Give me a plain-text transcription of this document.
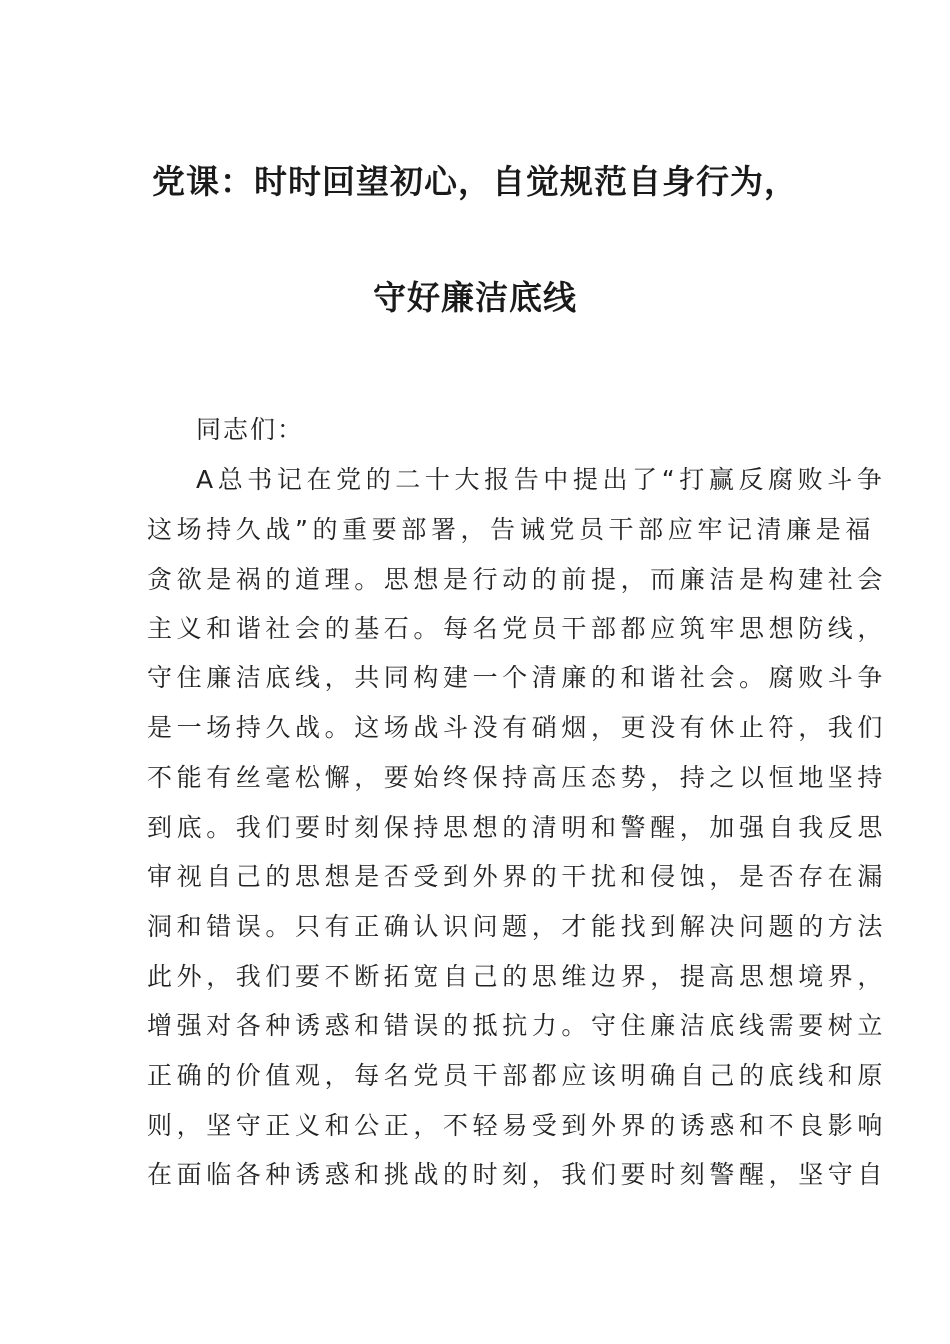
党课：时时回望初心，自觉规范自身行为，
守好廉洁底线
同志们：
A总书记在党的二十大报告中提出了“打赢反腐败斗争
这场持久战”的重要部署，告诫党员干部应牢记清廉是福
贪欲是祸的道理。思想是行动的前提，而廉洁是构建社会
主义和谐社会的基石。每名党员干部都应筑牢思想防线，
守住廉洁底线，共同构建一个清廉的和谐社会。腐败斗争
是一场持久战。这场战斗没有硝烟，更没有休止符，我们
不能有丝毫松懈，要始终保持高压态势，持之以恒地坚持
到底。我们要时刻保持思想的清明和警醒，加强自我反思
审视自己的思想是否受到外界的干扰和侵蚀，是否存在漏
洞和错误。只有正确认识问题，才能找到解决问题的方法
此外，我们要不断拓宽自己的思维边界，提高思想境界，
增强对各种诱惑和错误的抵抗力。守住廉洁底线需要树立
正确的价值观，每名党员干部都应该明确自己的底线和原
则，坚守正义和公正，不轻易受到外界的诱惑和不良影响
在面临各种诱惑和挑战的时刻，我们要时刻警醒，坚守自
